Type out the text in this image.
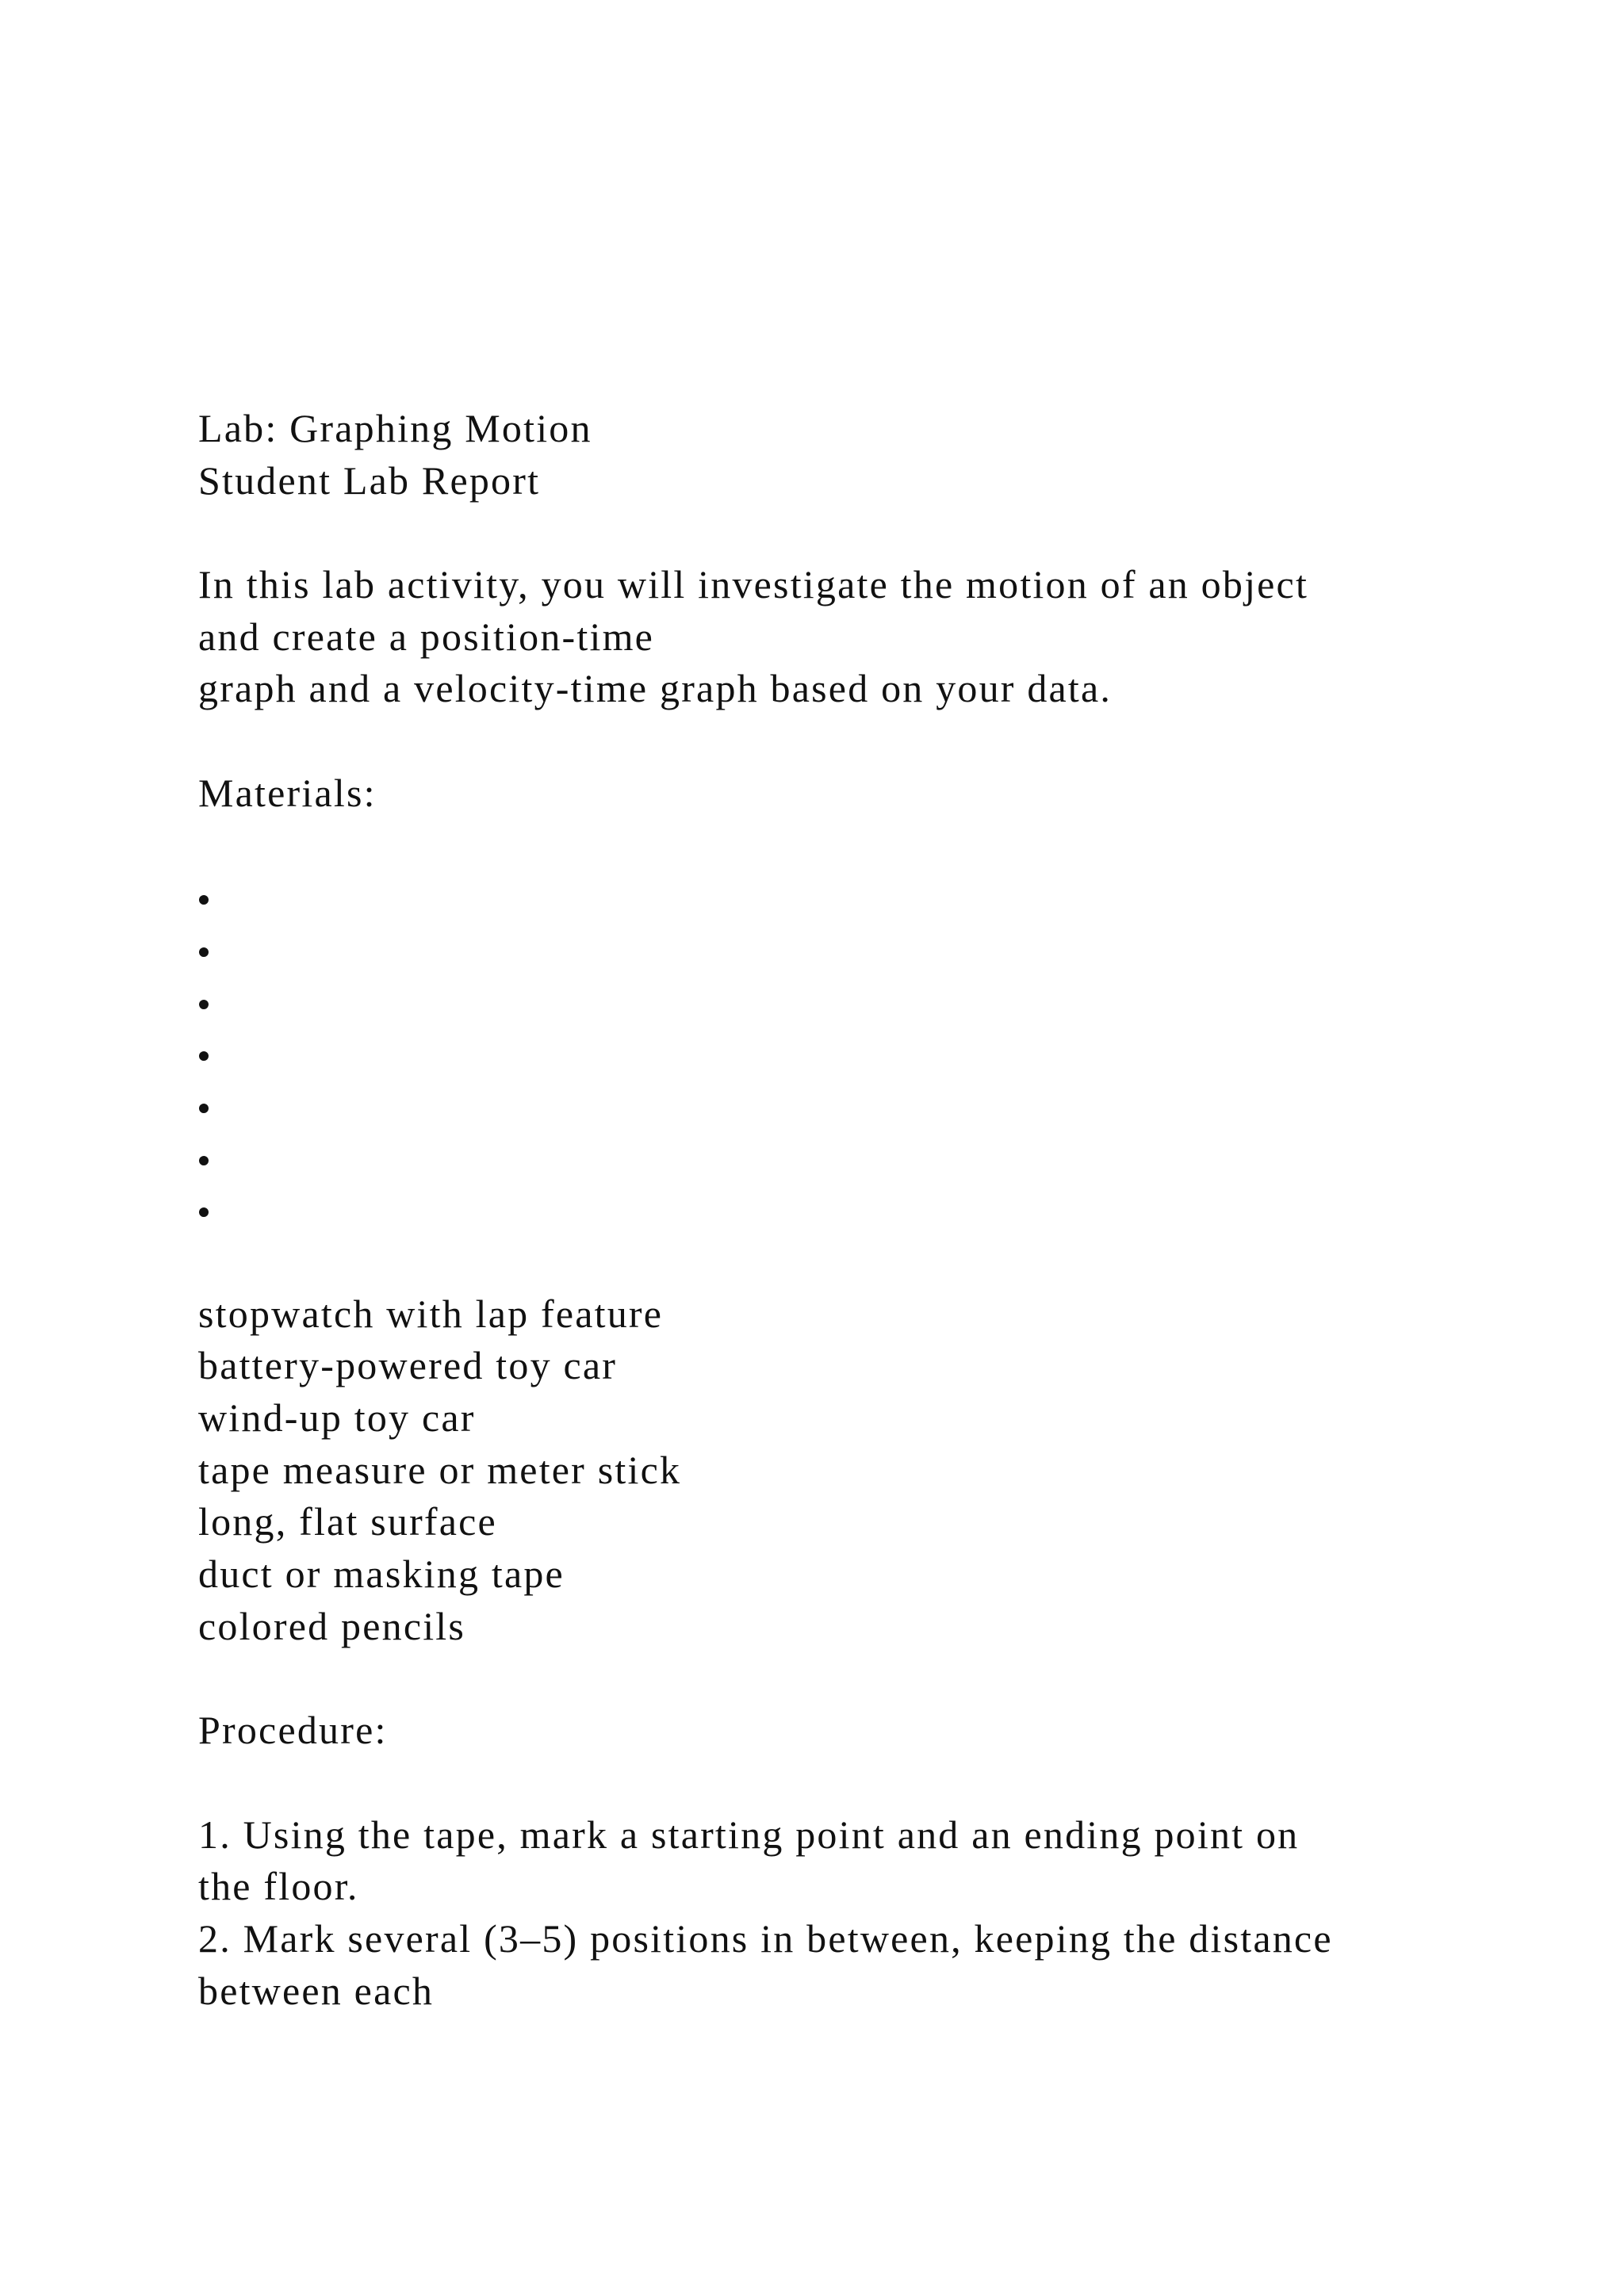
Lab: Graphing Motion
Student Lab Report
In this lab activity, you will investigate the motion of an object
and create a position-time
graph and a velocity-time graph based on your data.
Materials:
stopwatch with lap feature
battery-powered toy car
wind-up toy car
tape measure or meter stick
long, flat surface
duct or masking tape
colored pencils
Procedure:
1. Using the tape, mark a starting point and an ending point on
the floor.
2. Mark several (3–5) positions in between, keeping the distance
between each
